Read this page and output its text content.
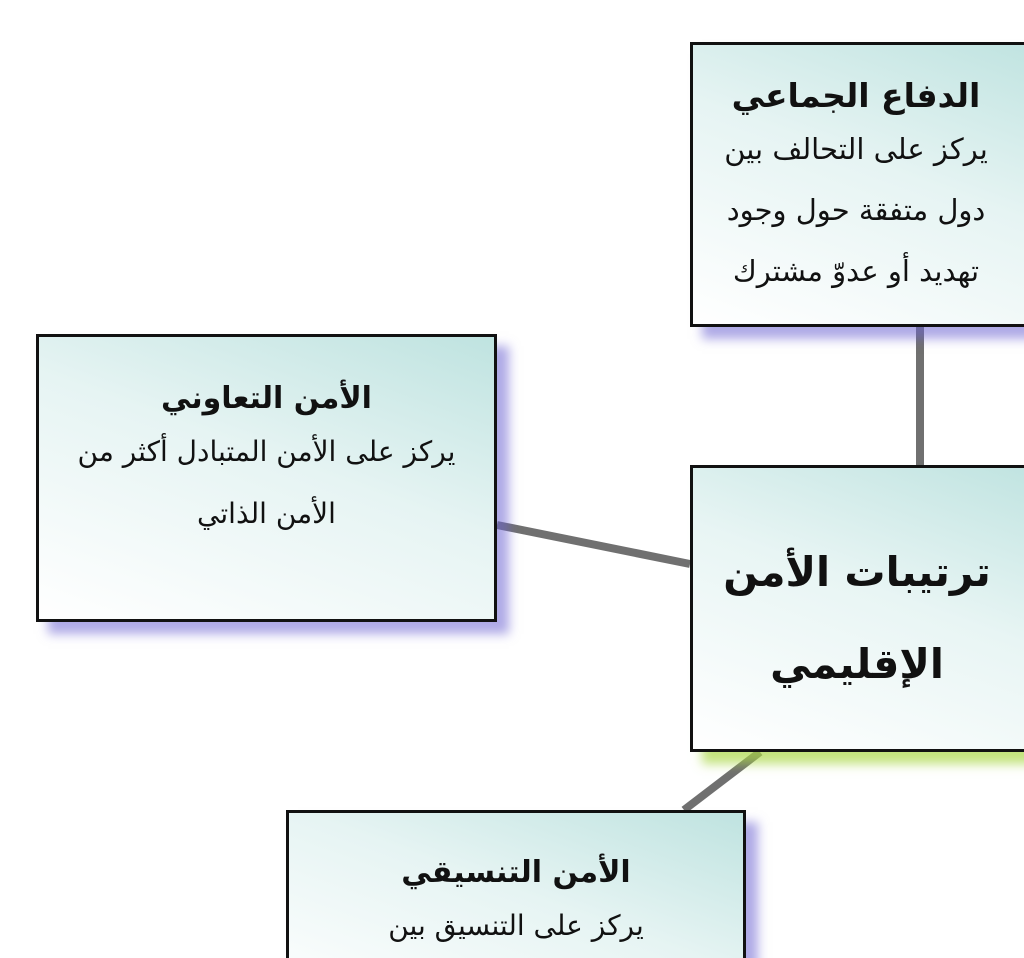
الدفاع الجماعي
يركز على التحالف بين دول متفقة حول وجود تهديد أو عدوّ مشترك
الأمن التعاوني
يركز على الأمن المتبادل أكثر من الأمن الذاتي
ترتيبات الأمن الإقليمي
الأمن التنسيقي
يركز على التنسيق بين
